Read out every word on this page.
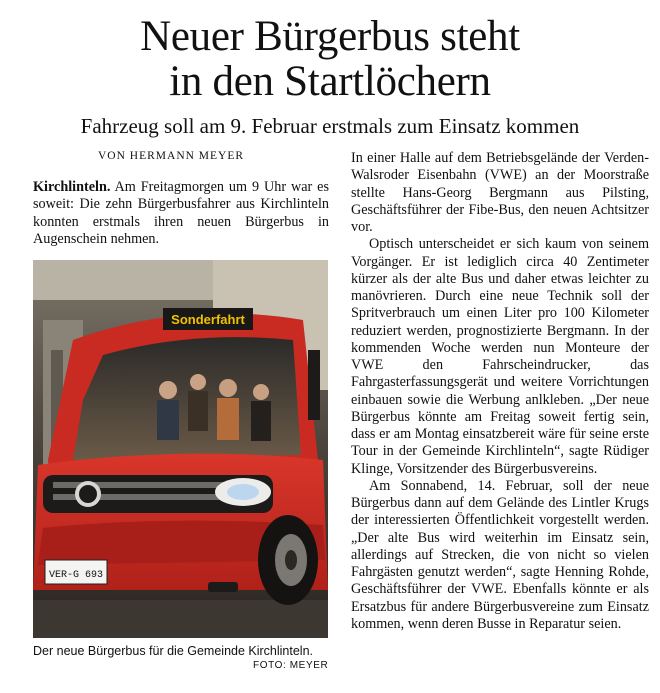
Neuer Bürgerbus steht
in den Startlöchern
Fahrzeug soll am 9. Februar erstmals zum Einsatz kommen
VON HERMANN MEYER

Kirchlinteln. Am Freitagmorgen um 9 Uhr war es soweit: Die zehn Bürgerbusfahrer aus Kirchlinteln konnten erstmals ihren neuen Bürgerbus in Augenschein nehmen.

Sonderfahrt
VER-G 693
Der neue Bürgerbus für die Gemeinde Kirchlinteln.
FOTO: MEYER

In einer Halle auf dem Betriebsgelände der Verden-Walsroder Eisenbahn (VWE) an der Moorstraße stellte Hans-Georg Bergmann aus Pilsting, Geschäftsführer der Fibe-Bus, den neuen Achtsitzer vor.

Optisch unterscheidet er sich kaum von seinem Vorgänger. Er ist lediglich circa 40 Zentimeter kürzer als der alte Bus und daher etwas leichter zu manövrieren. Durch eine neue Technik soll der Spritverbrauch um einen Liter pro 100 Kilometer reduziert werden, prognostizierte Bergmann. In der kommenden Woche werden nun Monteure der VWE den Fahrscheindrucker, das Fahrgasterfassungsgerät und weitere Vorrichtungen einbauen sowie die Werbung anlkleben. „Der neue Bürgerbus könnte am Freitag soweit fertig sein, dass er am Montag einsatzbereit wäre für seine erste Tour in der Gemeinde Kirchlinteln“, sagte Rüdiger Klinge, Vorsitzender des Bürgerbusvereins.

Am Sonnabend, 14. Februar, soll der neue Bürgerbus dann auf dem Gelände des Lintler Krugs der interessierten Öffentlichkeit vorgestellt werden. „Der alte Bus wird weiterhin im Einsatz sein, allerdings auf Strecken, die von nicht so vielen Fahrgästen genutzt werden“, sagte Henning Rohde, Geschäftsführer der VWE. Ebenfalls könnte er als Ersatzbus für andere Bürgerbusvereine zum Einsatz kommen, wenn deren Busse in Reparatur seien.
